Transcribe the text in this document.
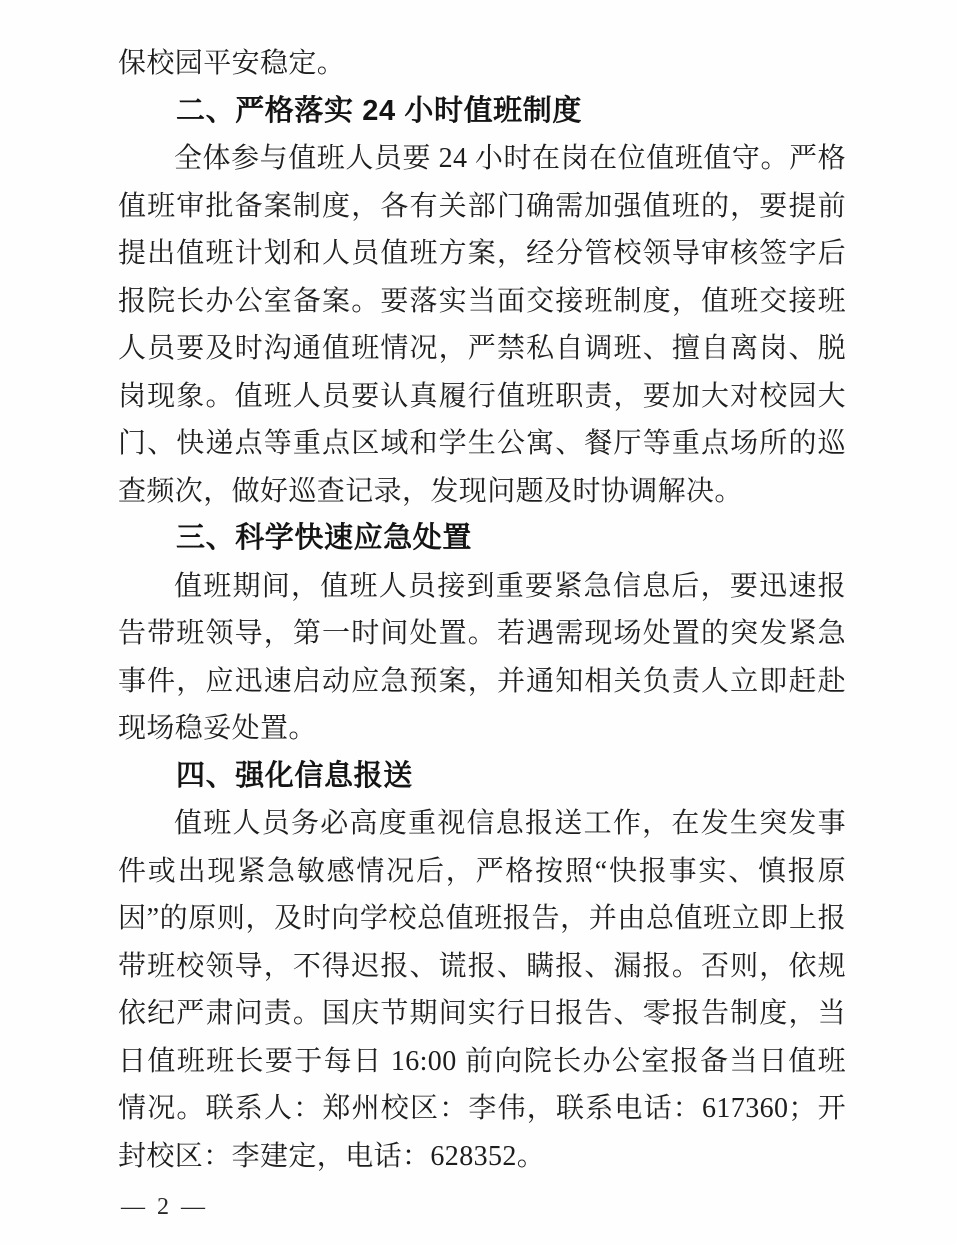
保校园平安稳定。

二、严格落实 24 小时值班制度

全体参与值班人员要 24 小时在岗在位值班值守。严格值班审批备案制度，各有关部门确需加强值班的，要提前提出值班计划和人员值班方案，经分管校领导审核签字后报院长办公室备案。要落实当面交接班制度，值班交接班人员要及时沟通值班情况，严禁私自调班、擅自离岗、脱岗现象。值班人员要认真履行值班职责，要加大对校园大门、快递点等重点区域和学生公寓、餐厅等重点场所的巡查频次，做好巡查记录，发现问题及时协调解决。

三、科学快速应急处置

值班期间，值班人员接到重要紧急信息后，要迅速报告带班领导，第一时间处置。若遇需现场处置的突发紧急事件，应迅速启动应急预案，并通知相关负责人立即赶赴现场稳妥处置。

四、强化信息报送

值班人员务必高度重视信息报送工作，在发生突发事件或出现紧急敏感情况后，严格按照“快报事实、慎报原因”的原则，及时向学校总值班报告，并由总值班立即上报带班校领导，不得迟报、谎报、瞒报、漏报。否则，依规依纪严肃问责。国庆节期间实行日报告、零报告制度，当日值班班长要于每日 16:00 前向院长办公室报备当日值班情况。联系人：郑州校区：李伟，联系电话：617360；开封校区：李建定，电话：628352。

— 2 —
